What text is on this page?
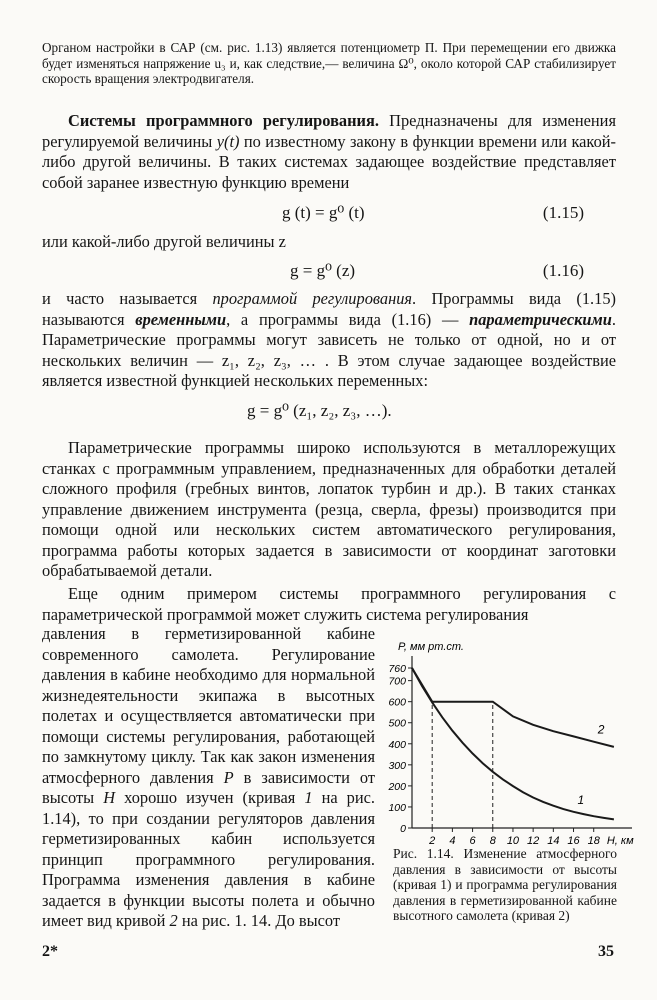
Органом настройки в САР (см. рис. 1.13) является потенциометр П. При перемещении его движка будет изменяться напряжение u₃ и, как следствие,— величина Ω⁰, около которой САР стабилизирует скорость вращения электродвигателя.
Системы программного регулирования. Предназначены для изменения регулируемой величины y(t) по известному закону в функции времени или какой-либо другой величины. В таких системах задающее воздействие представляет собой заранее известную функцию времени
g (t) = g⁰ (t)	(1.15)
или какой-либо другой величины z
g = g⁰ (z)	(1.16)
и часто называется программой регулирования. Программы вида (1.15) называются временными, а программы вида (1.16) — параметрическими. Параметрические программы могут зависеть не только от одной, но и от нескольких величин — z₁, z₂, z₃, … . В этом случае задающее воздействие является известной функцией нескольких переменных:
g = g⁰ (z₁, z₂, z₃, …).
Параметрические программы широко используются в металлорежущих станках с программным управлением, предназначенных для обработки деталей сложного профиля (гребных винтов, лопаток турбин и др.). В таких станках управление движением инструмента (резца, сверла, фрезы) производится при помощи одной или нескольких систем автоматического регулирования, программа работы которых задается в зависимости от координат заготовки обрабатываемой детали.
Еще одним примером системы программного регулирования с параметрической программой может служить система регулирования
давления в герметизированной кабине современного самолета. Регулирование давления в кабине необходимо для нормальной жизнедеятельности экипажа в высотных полетах и осуществляется автоматически при помощи системы регулирования, работающей по замкнутому циклу. Так как закон изменения атмосферного давления P в зависимости от высоты H хорошо изучен (кривая 1 на рис. 1.14), то при создании регуляторов давления герметизированных кабин используется принцип программного регулирования. Программа изменения давления в кабине задается в функции высоты полета и обычно имеет вид кривой 2 на рис. 1. 14. До высот
2 4 6 8 10 12 14 16 18
0
100
200
300
400
500
600
700
760
1
2
P, мм рт.ст.
H, км
Рис. 1.14. Изменение атмосферного давления в зависимости от высоты (кривая 1) и программа регулирования давления в герметизированной кабине высотного самолета (кривая 2)
2*	35
